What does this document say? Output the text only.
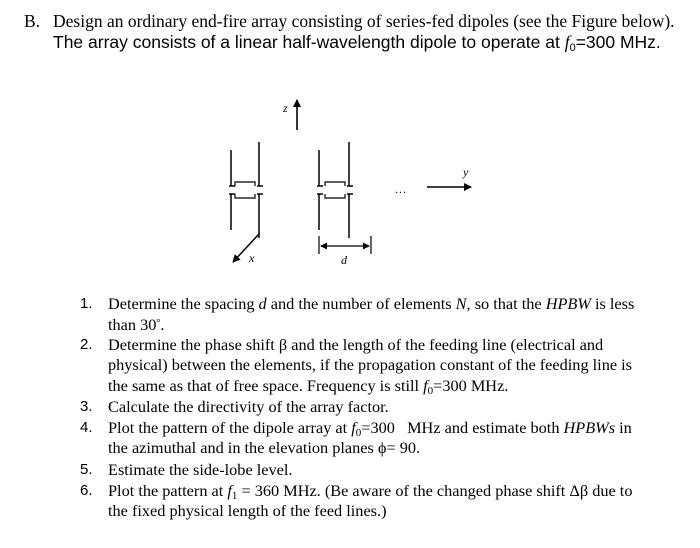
B. Design an ordinary end-fire array consisting of series-fed dipoles (see the Figure below).
The array consists of a linear half-wavelength dipole to operate at $f_0=300$ MHz.
z
...
y
x	d
1. Determine the spacing d and the number of elements N, so that the HPBW is less
than 30°.
2. Determine the phase shift β and the length of the feeding line (electrical and
physical) between the elements, if the propagation constant of the feeding line is
the same as that of free space. Frequency is still $f_0=300$ MHz.
3. Calculate the directivity of the array factor.
4. Plot the pattern of the dipole array at $f_0=300$   MHz and estimate both HPBWs in
the azimuthal and in the elevation planes ϕ= 90.
5. Estimate the side-lobe level.
6. Plot the pattern at $f_1 = 360$ MHz. (Be aware of the changed phase shift Δβ due to
the fixed physical length of the feed lines.)
